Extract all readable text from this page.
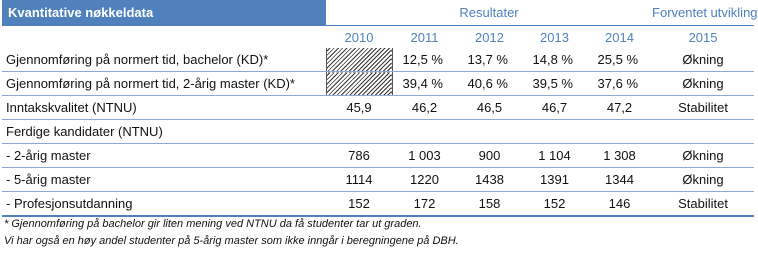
Kvantitative nøkkeldata	Resultater					Forventet utvikling
	2010	2011	2012	2013	2014	2015
Gjennomføring på normert tid, bachelor (KD)*		12,5 %	13,7 %	14,8 %	25,5 %	Økning
Gjennomføring på normert tid, 2-årig master (KD)*		39,4 %	40,6 %	39,5 %	37,6 %	Økning
Inntakskvalitet (NTNU)	45,9	46,2	46,5	46,7	47,2	Stabilitet
Ferdige kandidater (NTNU)						
- 2-årig master	786	1 003	900	1 104	1 308	Økning
- 5-årig master	1114	1220	1438	1391	1344	Økning
- Profesjonsutdanning	152	172	158	152	146	Stabilitet
* Gjennomføring på bachelor gir liten mening ved NTNU da få studenter tar ut graden.
Vi har også en høy andel studenter på 5-årig master som ikke inngår i beregningene på DBH.
